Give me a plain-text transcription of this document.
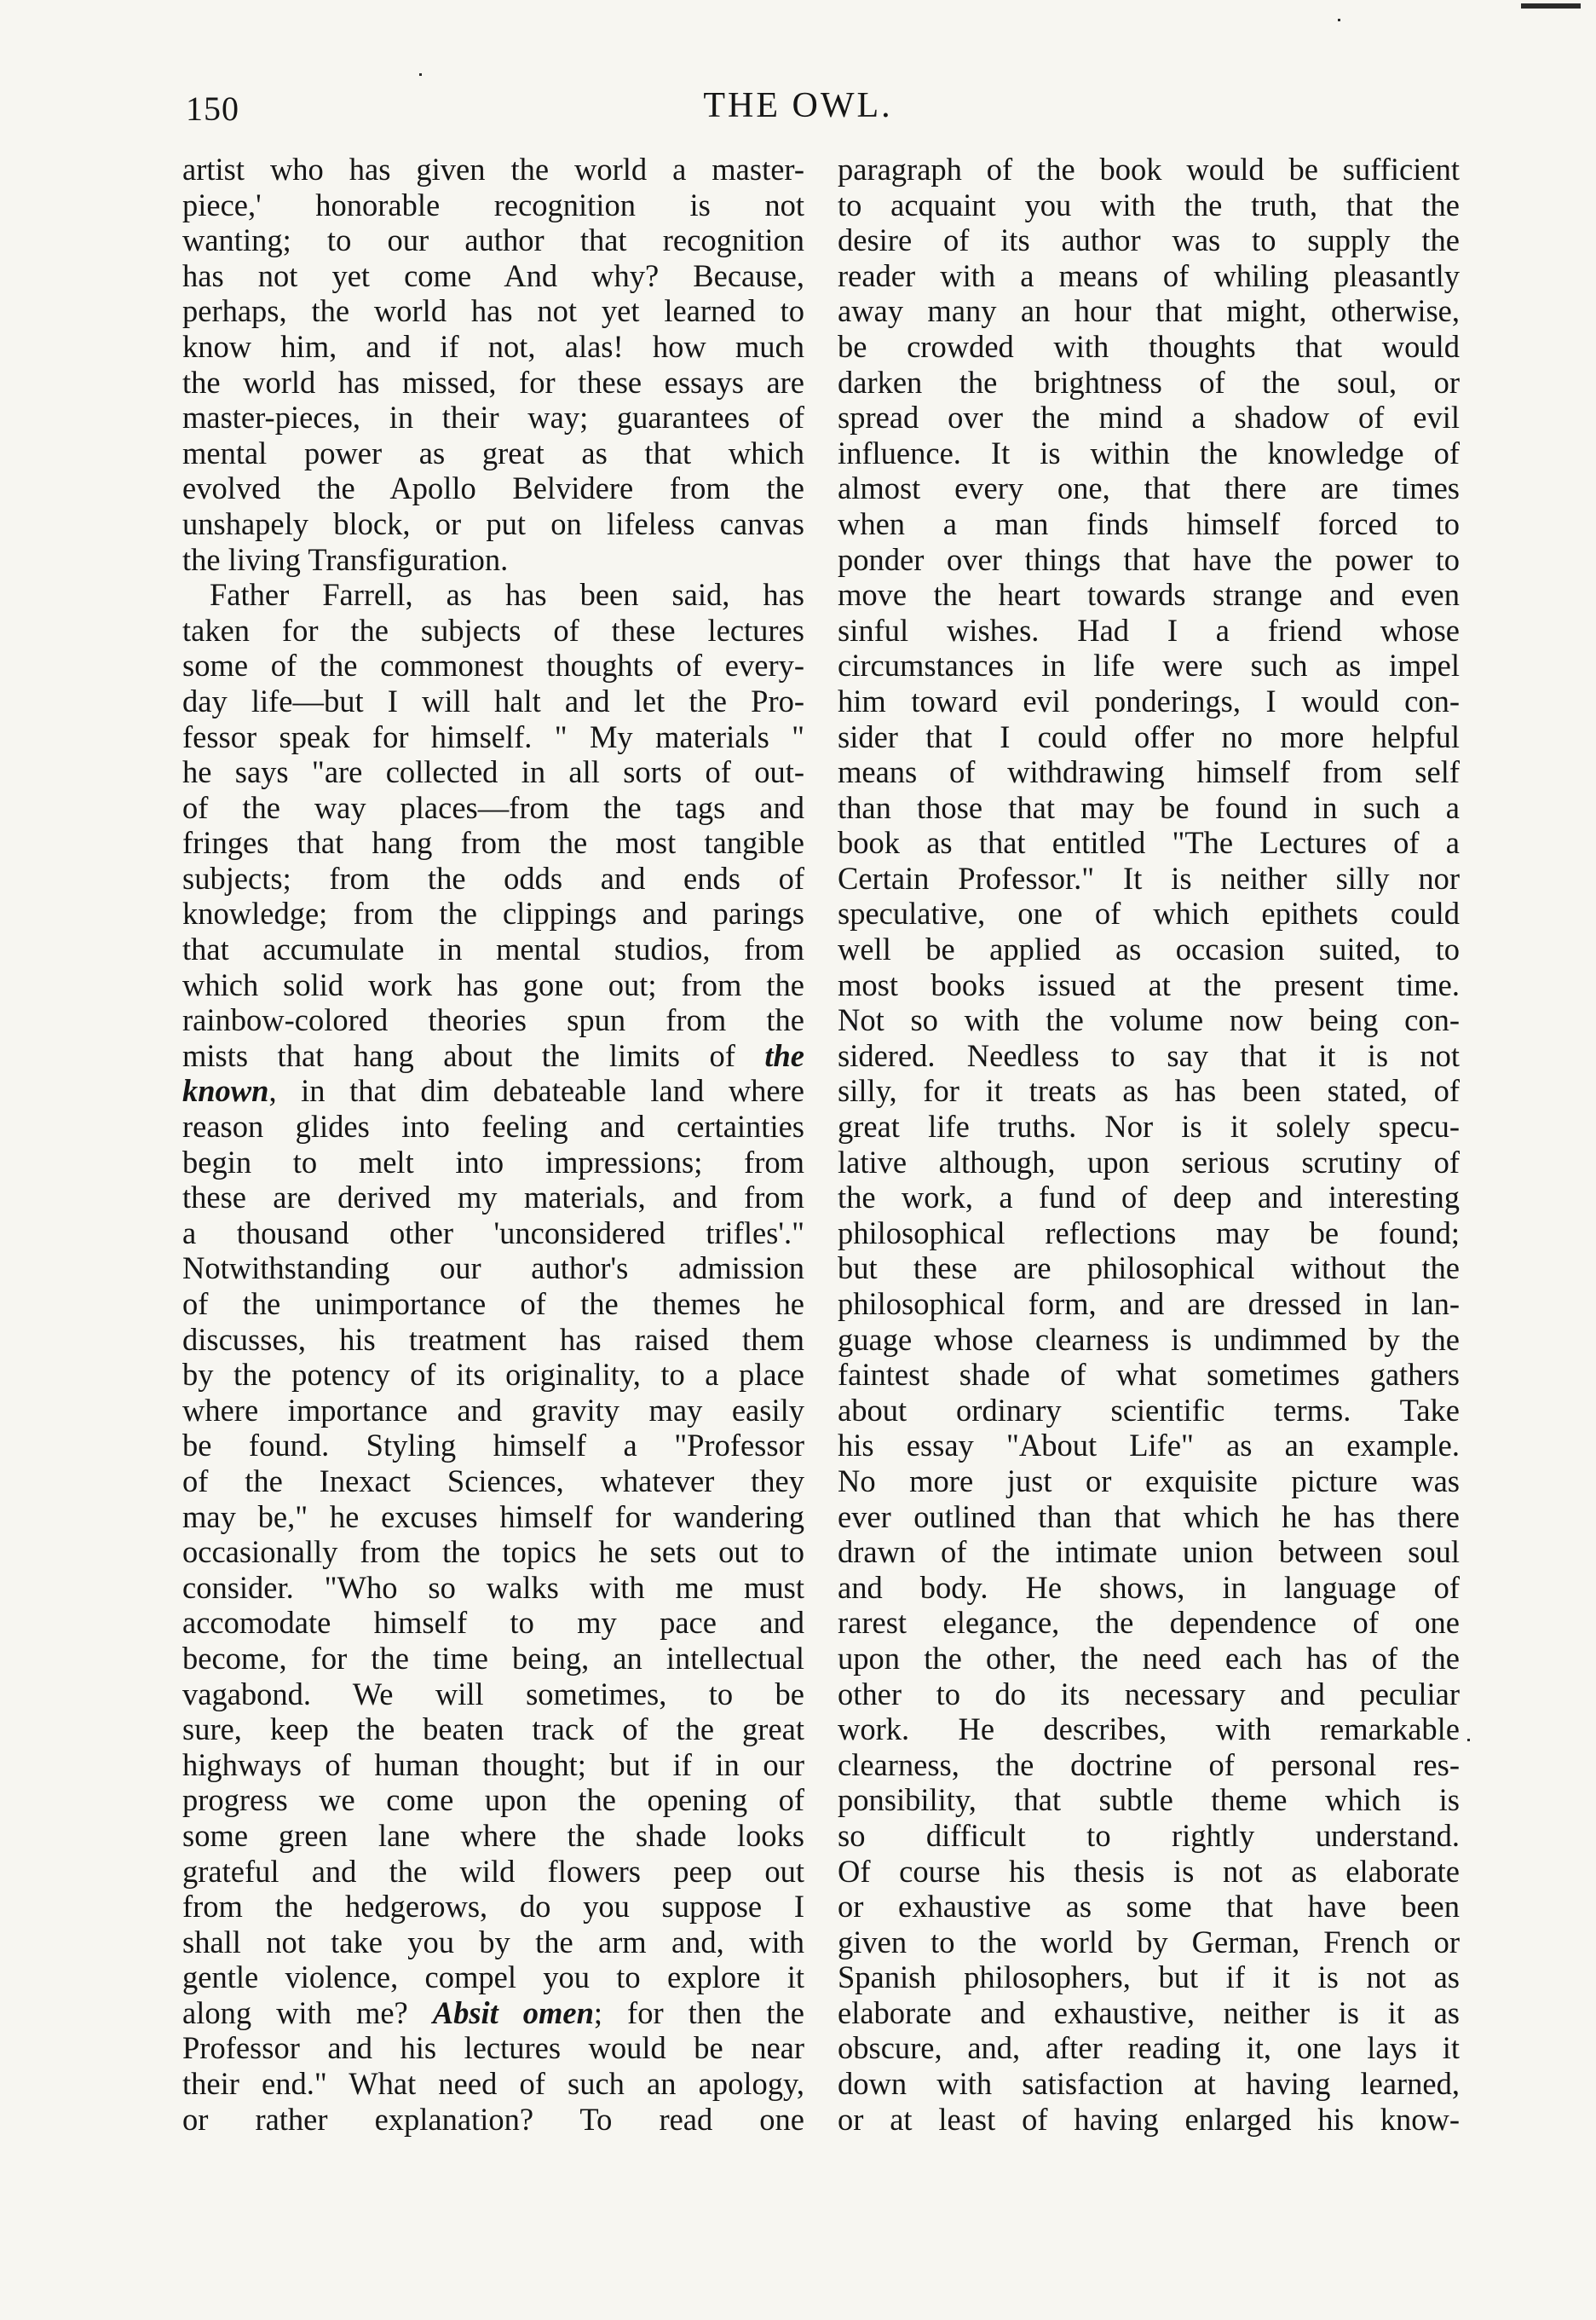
150	THE OWL.
artist who has given the world a master-
piece,' honorable recognition is not
wanting; to our author that recognition
has not yet come And why? Because,
perhaps, the world has not yet learned to
know him, and if not, alas! how much
the world has missed, for these essays are
master-pieces, in their way; guarantees of
mental power as great as that which
evolved the Apollo Belvidere from the
unshapely block, or put on lifeless canvas
the living Transfiguration.
Father Farrell, as has been said, has
taken for the subjects of these lectures
some of the commonest thoughts of every-
day life—but I will halt and let the Pro-
fessor speak for himself. " My materials "
he says "are collected in all sorts of out-
of the way places—from the tags and
fringes that hang from the most tangible
subjects; from the odds and ends of
knowledge; from the clippings and parings
that accumulate in mental studios, from
which solid work has gone out; from the
rainbow-colored theories spun from the
mists that hang about the limits of the
known, in that dim debateable land where
reason glides into feeling and certainties
begin to melt into impressions; from
these are derived my materials, and from
a thousand other 'unconsidered trifles'."
Notwithstanding our author's admission
of the unimportance of the themes he
discusses, his treatment has raised them
by the potency of its originality, to a place
where importance and gravity may easily
be found. Styling himself a "Professor
of the Inexact Sciences, whatever they
may be," he excuses himself for wandering
occasionally from the topics he sets out to
consider. "Who so walks with me must
accomodate himself to my pace and
become, for the time being, an intellectual
vagabond. We will sometimes, to be
sure, keep the beaten track of the great
highways of human thought; but if in our
progress we come upon the opening of
some green lane where the shade looks
grateful and the wild flowers peep out
from the hedgerows, do you suppose I
shall not take you by the arm and, with
gentle violence, compel you to explore it
along with me? Absit omen; for then the
Professor and his lectures would be near
their end." What need of such an apology,
or rather explanation? To read one
paragraph of the book would be sufficient
to acquaint you with the truth, that the
desire of its author was to supply the
reader with a means of whiling pleasantly
away many an hour that might, otherwise,
be crowded with thoughts that would
darken the brightness of the soul, or
spread over the mind a shadow of evil
influence. It is within the knowledge of
almost every one, that there are times
when a man finds himself forced to
ponder over things that have the power to
move the heart towards strange and even
sinful wishes. Had I a friend whose
circumstances in life were such as impel
him toward evil ponderings, I would con-
sider that I could offer no more helpful
means of withdrawing himself from self
than those that may be found in such a
book as that entitled "The Lectures of a
Certain Professor." It is neither silly nor
speculative, one of which epithets could
well be applied as occasion suited, to
most books issued at the present time.
Not so with the volume now being con-
sidered. Needless to say that it is not
silly, for it treats as has been stated, of
great life truths. Nor is it solely specu-
lative although, upon serious scrutiny of
the work, a fund of deep and interesting
philosophical reflections may be found;
but these are philosophical without the
philosophical form, and are dressed in lan-
guage whose clearness is undimmed by the
faintest shade of what sometimes gathers
about ordinary scientific terms. Take
his essay "About Life" as an example.
No more just or exquisite picture was
ever outlined than that which he has there
drawn of the intimate union between soul
and body. He shows, in language of
rarest elegance, the dependence of one
upon the other, the need each has of the
other to do its necessary and peculiar
work. He describes, with remarkable
clearness, the doctrine of personal res-
ponsibility, that subtle theme which is
so difficult to rightly understand.
Of course his thesis is not as elaborate
or exhaustive as some that have been
given to the world by German, French or
Spanish philosophers, but if it is not as
elaborate and exhaustive, neither is it as
obscure, and, after reading it, one lays it
down with satisfaction at having learned,
or at least of having enlarged his know-
